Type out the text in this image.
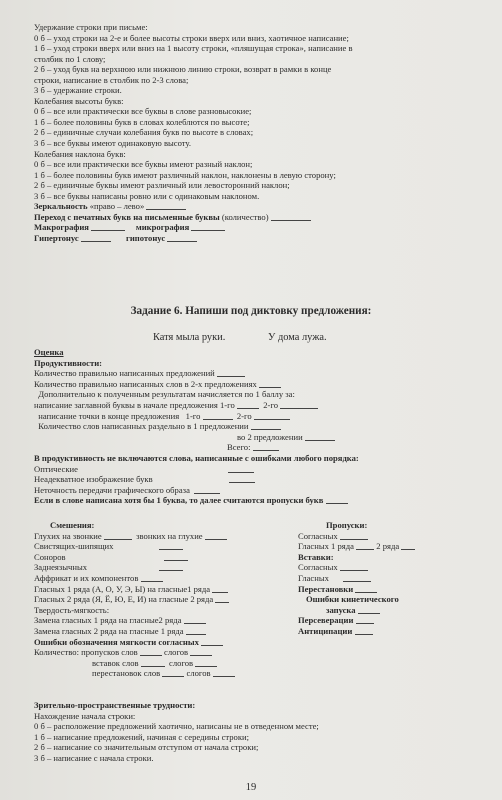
Удержание строки при письме:
0 б – уход строки на 2-е и более высоты строки вверх или вниз, хаотичное написание;
1 б – уход строки вверх или вниз на 1 высоту строки, «пляшущая строка», написание в
столбик по 1 слову;
2 б – уход букв на верхнюю или нижнюю линию строки, возврат в рамки в конце
строки, написание в столбик по 2-3 слова;
3 б – удержание строки.
Колебания высоты букв:
0 б – все или практически все буквы в слове разновысокие;
1 б – более половины букв в словах колеблются по высоте;
2 б – единичные случаи колебания букв по высоте в словах;
3 б – все буквы имеют одинаковую высоту.
Колебания наклона букв:
0 б – все или практически все буквы имеют разный наклон;
1 б – более половины букв имеют различный наклон, наклонены в левую сторону;
2 б – единичные буквы имеют различный или левосторонний наклон;
3 б – все буквы написаны ровно или с одинаковым наклоном.
Зеркальность «право – лево»
Переход с печатных букв на письменные буквы (количество)
Макрография	микрография
Гипертонус	гипотонус
Задание 6. Напиши под диктовку предложения:
Катя мыла руки.	У дома лужа.
Оценка
Продуктивности:
Количество правильно написанных предложений
Количество правильно написанных слов в 2-х предложениях
Дополнительно к полученным результатам начисляется по 1 баллу за:
написание заглавной буквы в начале предложения 1-го	2-го
написание точки в конце предложения 1-го	2-го
Количество слов написанных раздельно в 1 предложении
во 2 предложении
Всего:
В продуктивность не включаются слова, написанные с ошибками любого порядка:
Оптические
Неадекватное изображение букв
Неточность передачи графического образа
Если в слове написана хотя бы 1 буква, то далее считаются пропуски букв
Смешения:
Глухих на звонкие	звонких на глухие
Свистящих-шипящих
Соноров
Заднеязычных
Аффрикат и их компонентов
Гласных 1 ряда (А, О, У, Э, Ы) на гласные1 ряда
Гласных 2 ряда (Я, Ё, Ю, Е, И) на гласные 2 ряда
Твердость-мягкость:
Замена гласных 1 ряда на гласные2 ряда
Замена гласных 2 ряда на гласные 1 ряда
Ошибки обозначения мягкости согласных
Количество: пропусков слов	слогов
вставок слов	слогов
перестановок слов	слогов
Пропуски:
Согласных
Гласных 1 ряда	2 ряда
Вставки:
Согласных
Гласных
Перестановки
Ошибки кинетического
запуска
Персеверации
Антиципации
Зрительно-пространственные трудности:
Нахождение начала строки:
0 б – расположение предложений хаотично, написаны не в отведенном месте;
1 б – написание предложений, начиная с середины строки;
2 б – написание со значительным отступом от начала строки;
3 б – написание с начала строки.
19
